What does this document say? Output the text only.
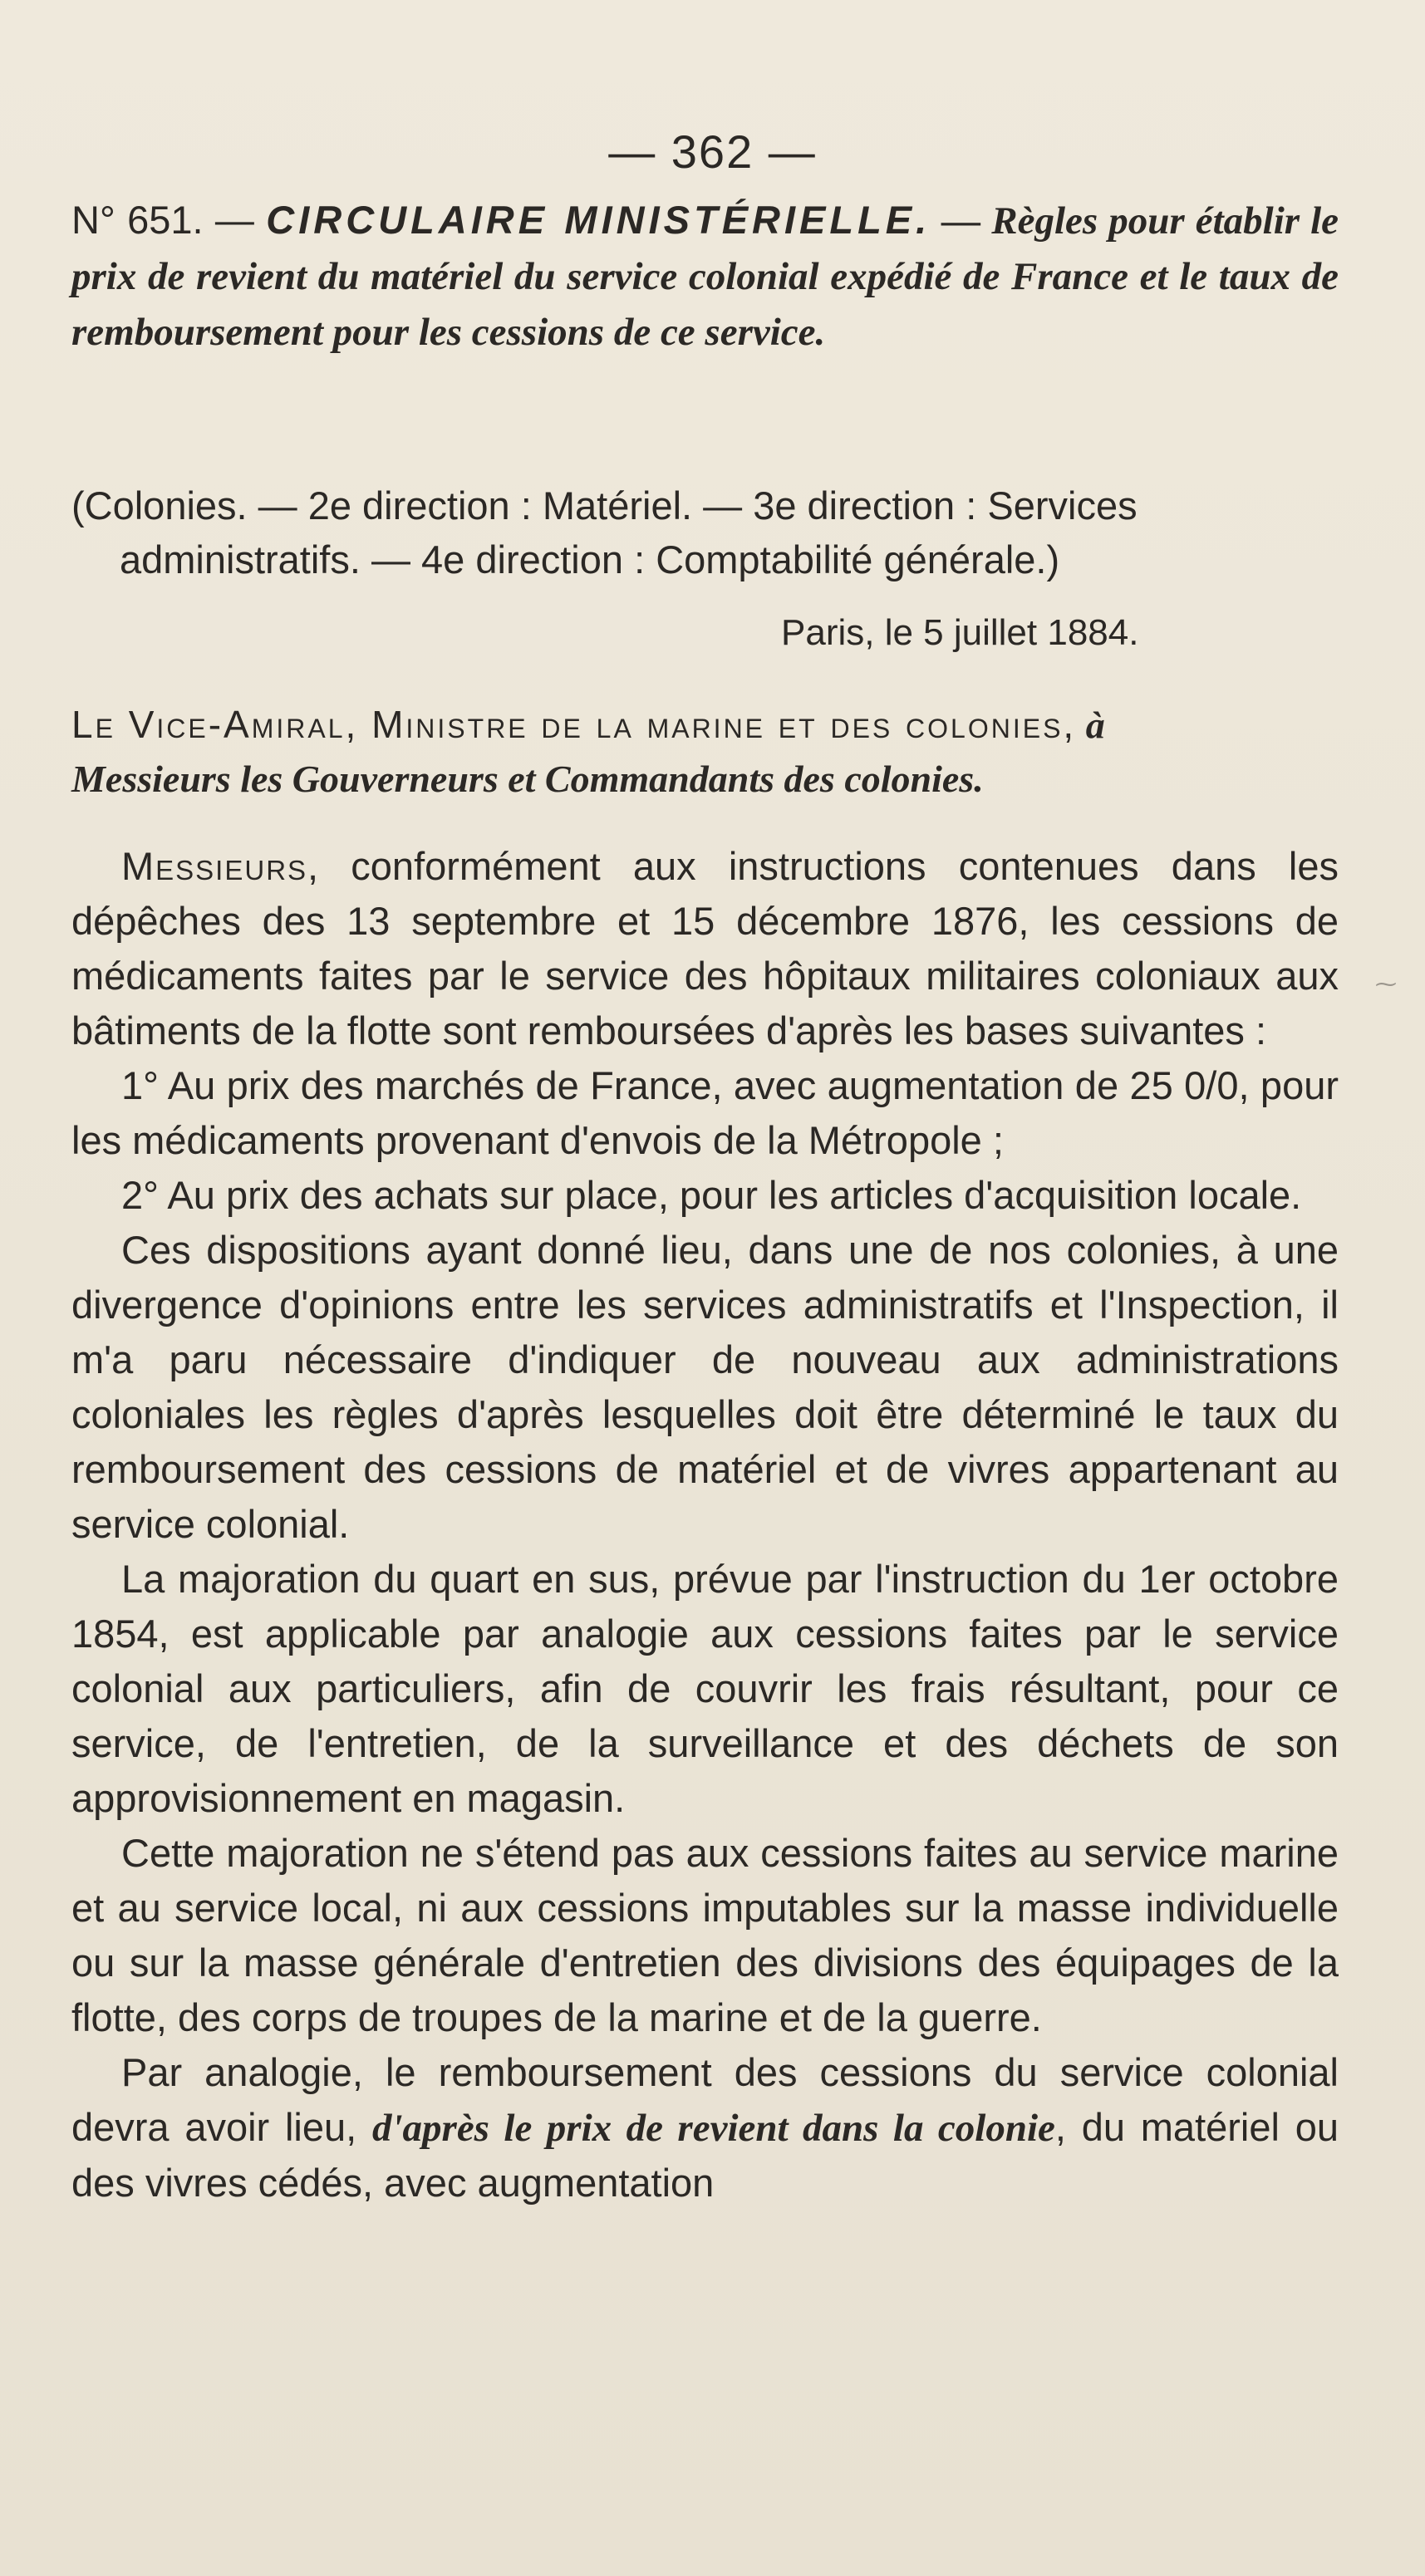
— 362 —
N° 651. — CIRCULAIRE MINISTÉRIELLE. — Règles pour établir le prix de revient du matériel du service colonial expédié de France et le taux de remboursement pour les cessions de ce service.
(Colonies. — 2e direction : Matériel. — 3e direction : Services
administratifs. — 4e direction : Comptabilité générale.)
Paris, le 5 juillet 1884.
Le Vice-Amiral, Ministre de la marine et des colonies, à
Messieurs les Gouverneurs et Commandants des colonies.

Messieurs, conformément aux instructions contenues dans les dépêches des 13 septembre et 15 décembre 1876, les cessions de médicaments faites par le service des hôpitaux militaires coloniaux aux bâtiments de la flotte sont remboursées d'après les bases suivantes :

1° Au prix des marchés de France, avec augmentation de 25 0/0, pour les médicaments provenant d'envois de la Métropole ;

2° Au prix des achats sur place, pour les articles d'acquisition locale.

Ces dispositions ayant donné lieu, dans une de nos colonies, à une divergence d'opinions entre les services administratifs et l'Inspection, il m'a paru nécessaire d'indiquer de nouveau aux administrations coloniales les règles d'après lesquelles doit être déterminé le taux du remboursement des cessions de matériel et de vivres appartenant au service colonial.

La majoration du quart en sus, prévue par l'instruction du 1er octobre 1854, est applicable par analogie aux cessions faites par le service colonial aux particuliers, afin de couvrir les frais résultant, pour ce service, de l'entretien, de la surveillance et des déchets de son approvisionnement en magasin.

Cette majoration ne s'étend pas aux cessions faites au service marine et au service local, ni aux cessions imputables sur la masse individuelle ou sur la masse générale d'entretien des divisions des équipages de la flotte, des corps de troupes de la marine et de la guerre.

Par analogie, le remboursement des cessions du service colonial devra avoir lieu, d'après le prix de revient dans la colonie, du matériel ou des vivres cédés, avec augmentation

⁓
